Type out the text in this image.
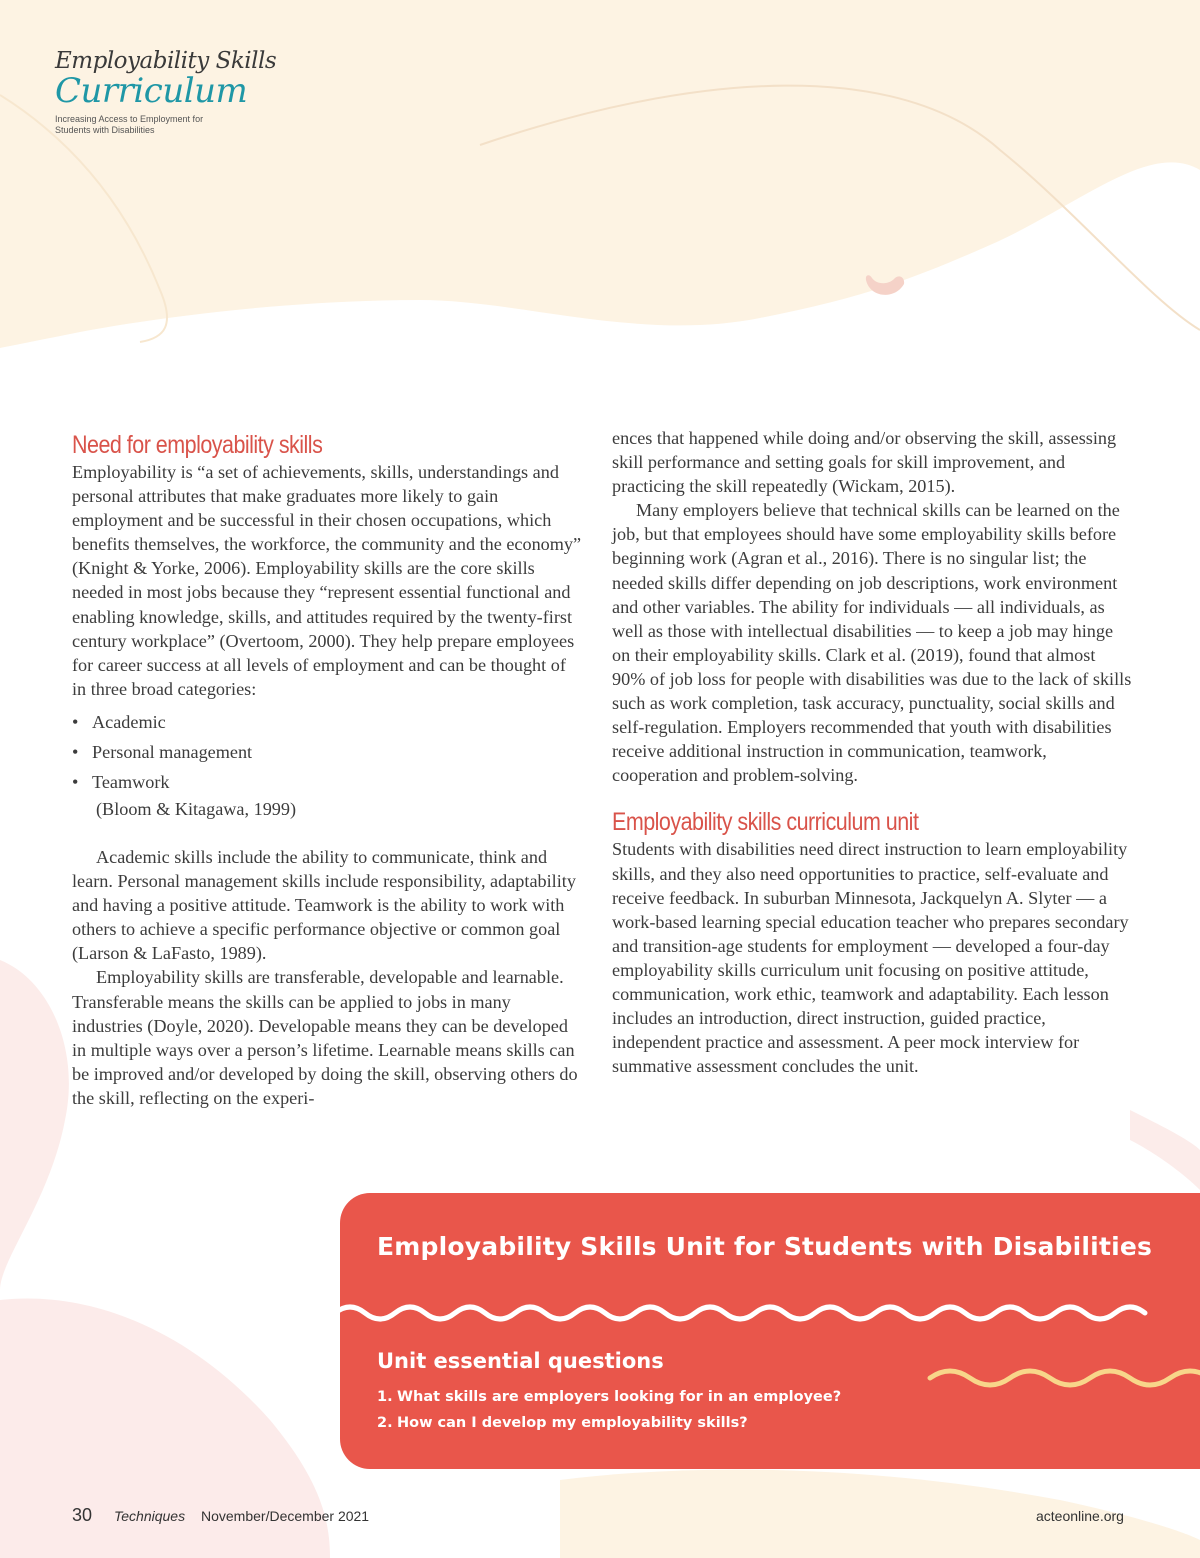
Employability Skills
Curriculum
Increasing Access to Employment for Students with Disabilities
Need for employability skills

Employability is “a set of achievements, skills, understandings and personal attributes that make graduates more likely to gain employment and be successful in their chosen occupations, which benefits themselves, the workforce, the community and the economy” (Knight & Yorke, 2006). Employability skills are the core skills needed in most jobs because they “represent essential functional and enabling knowledge, skills, and attitudes required by the twenty-first century workplace” (Overtoom, 2000). They help prepare employees for career success at all levels of employment and can be thought of in three broad categories:

• Academic
• Personal management
• Teamwork
(Bloom & Kitagawa, 1999)

Academic skills include the ability to communicate, think and learn. Personal management skills include responsibility, adaptability and having a positive attitude. Teamwork is the ability to work with others to achieve a specific performance objective or common goal (Larson & LaFasto, 1989).

Employability skills are transferable, developable and learnable. Transferable means the skills can be applied to jobs in many industries (Doyle, 2020). Developable means they can be developed in multiple ways over a person’s lifetime. Learnable means skills can be improved and/or developed by doing the skill, observing others do the skill, reflecting on the experi-

ences that happened while doing and/or observing the skill, assessing skill performance and setting goals for skill improvement, and practicing the skill repeatedly (Wickam, 2015).

Many employers believe that technical skills can be learned on the job, but that employees should have some employability skills before beginning work (Agran et al., 2016). There is no singular list; the needed skills differ depending on job descriptions, work environment and other variables. The ability for individuals — all individuals, as well as those with intellectual disabilities — to keep a job may hinge on their employability skills. Clark et al. (2019), found that almost 90% of job loss for people with disabilities was due to the lack of skills such as work completion, task accuracy, punctuality, social skills and self-regulation. Employers recommended that youth with disabilities receive additional instruction in communication, teamwork, cooperation and problem-solving.

Employability skills curriculum unit

Students with disabilities need direct instruction to learn employability skills, and they also need opportunities to practice, self-evaluate and receive feedback. In suburban Minnesota, Jackquelyn A. Slyter — a work-based learning special education teacher who prepares secondary and transition-age students for employment — developed a four-day employability skills curriculum unit focusing on positive attitude, communication, work ethic, teamwork and adaptability. Each lesson includes an introduction, direct instruction, guided practice, independent practice and assessment. A peer mock interview for summative assessment concludes the unit.

Employability Skills Unit for Students with Disabilities
Unit essential questions
1. What skills are employers looking for in an employee?
2. How can I develop my employability skills?
30 Techniques November/December 2021	acteonline.org
